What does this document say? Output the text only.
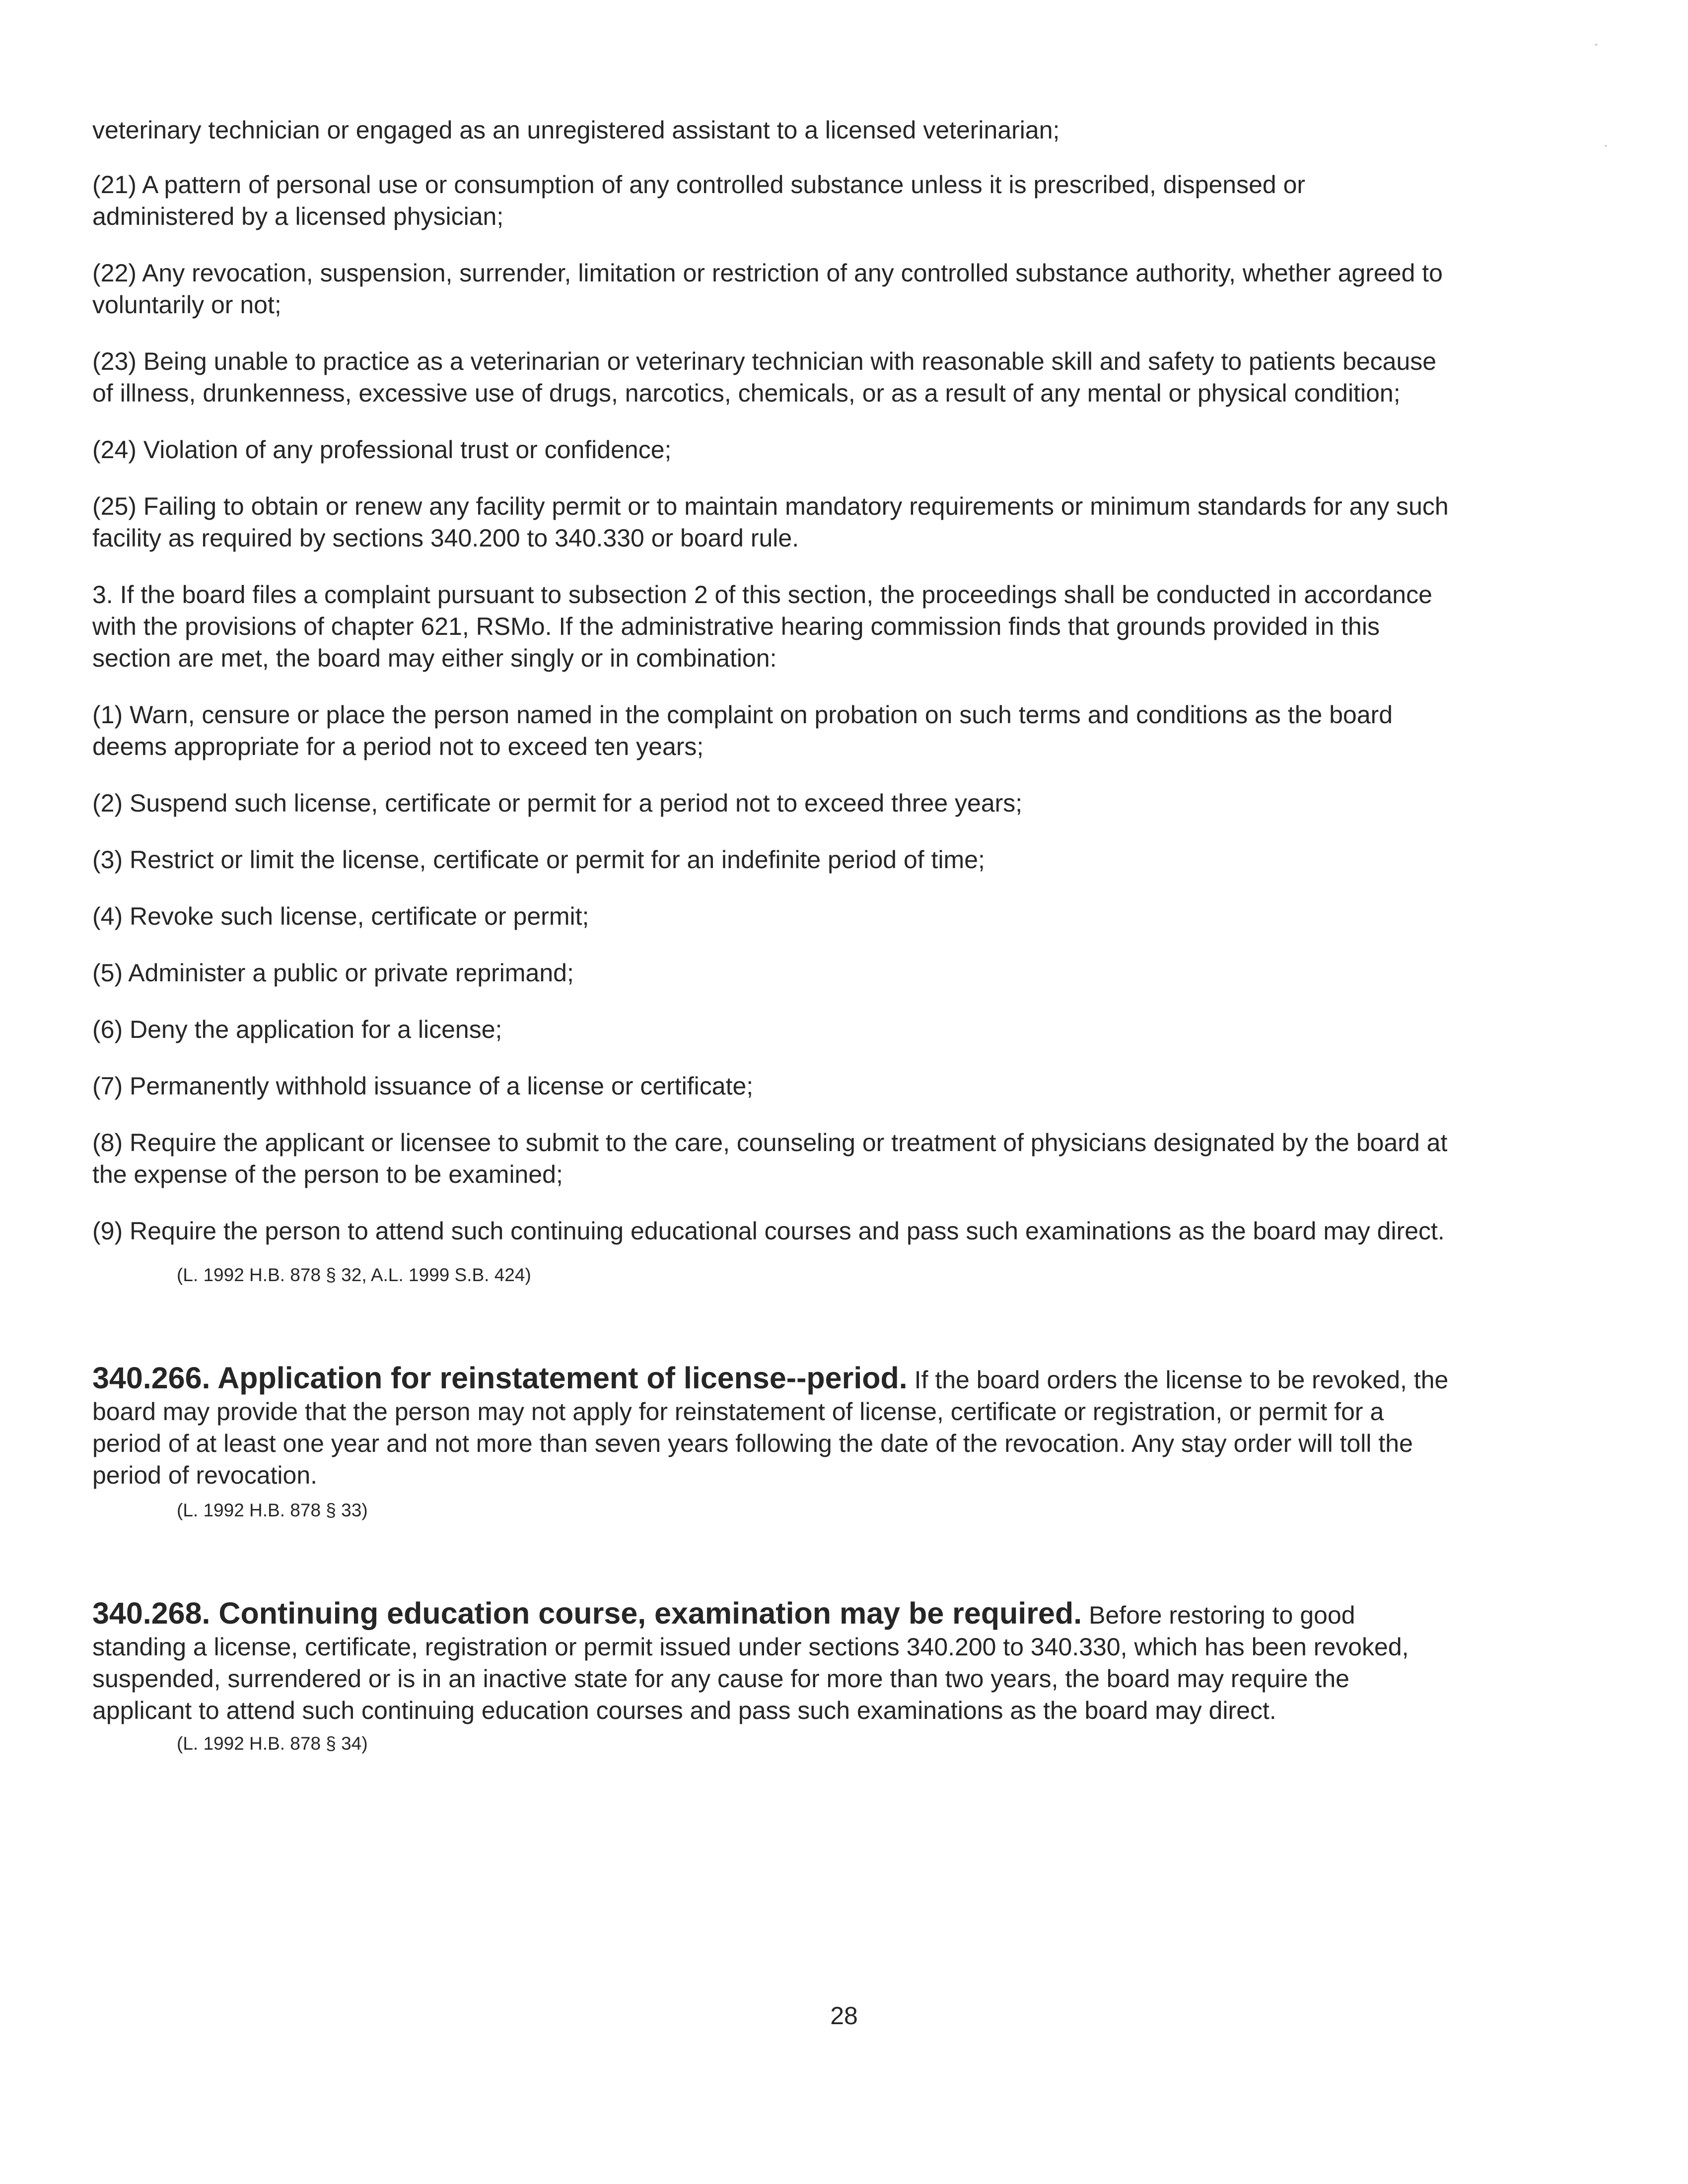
veterinary technician or engaged as an unregistered assistant to a licensed veterinarian;

(21) A pattern of personal use or consumption of any controlled substance unless it is prescribed, dispensed or administered by a licensed physician;

(22) Any revocation, suspension, surrender, limitation or restriction of any controlled substance authority, whether agreed to voluntarily or not;

(23) Being unable to practice as a veterinarian or veterinary technician with reasonable skill and safety to patients because of illness, drunkenness, excessive use of drugs, narcotics, chemicals, or as a result of any mental or physical condition;

(24) Violation of any professional trust or confidence;

(25) Failing to obtain or renew any facility permit or to maintain mandatory requirements or minimum standards for any such facility as required by sections 340.200 to 340.330 or board rule.

3. If the board files a complaint pursuant to subsection 2 of this section, the proceedings shall be conducted in accordance with the provisions of chapter 621, RSMo. If the administrative hearing commission finds that grounds provided in this section are met, the board may either singly or in combination:

(1) Warn, censure or place the person named in the complaint on probation on such terms and conditions as the board deems appropriate for a period not to exceed ten years;

(2) Suspend such license, certificate or permit for a period not to exceed three years;

(3) Restrict or limit the license, certificate or permit for an indefinite period of time;

(4) Revoke such license, certificate or permit;

(5) Administer a public or private reprimand;

(6) Deny the application for a license;

(7) Permanently withhold issuance of a license or certificate;

(8) Require the applicant or licensee to submit to the care, counseling or treatment of physicians designated by the board at the expense of the person to be examined;

(9) Require the person to attend such continuing educational courses and pass such examinations as the board may direct.

(L. 1992 H.B. 878 § 32, A.L. 1999 S.B. 424)

340.266. Application for reinstatement of license--period. If the board orders the license to be revoked, the board may provide that the person may not apply for reinstatement of license, certificate or registration, or permit for a period of at least one year and not more than seven years following the date of the revocation. Any stay order will toll the period of revocation.

(L. 1992 H.B. 878 § 33)

340.268. Continuing education course, examination may be required. Before restoring to good standing a license, certificate, registration or permit issued under sections 340.200 to 340.330, which has been revoked, suspended, surrendered or is in an inactive state for any cause for more than two years, the board may require the applicant to attend such continuing education courses and pass such examinations as the board may direct.

(L. 1992 H.B. 878 § 34)

28
